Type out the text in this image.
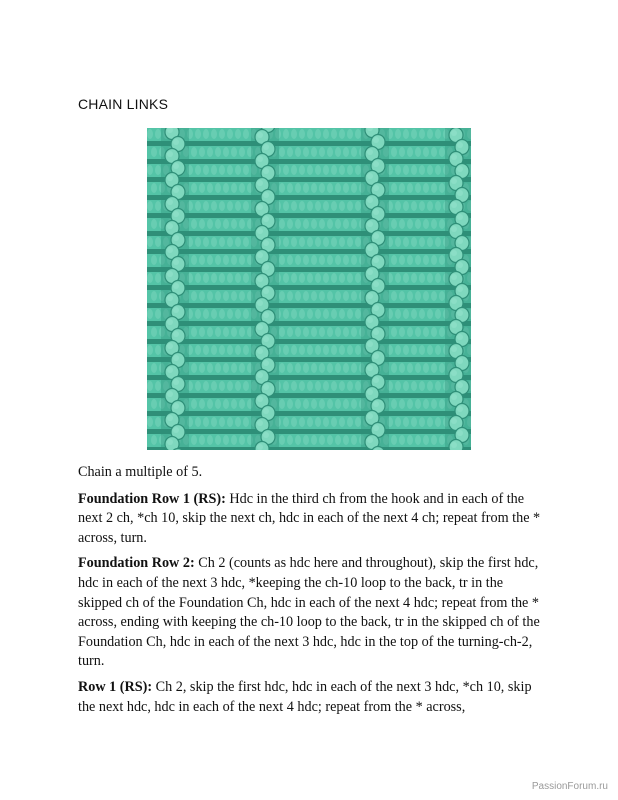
CHAIN LINKS

Chain a multiple of 5.

Foundation Row 1 (RS): Hdc in the third ch from the hook and in each of the next 2 ch, *ch 10, skip the next ch, hdc in each of the next 4 ch; repeat from the * across, turn.

Foundation Row 2: Ch 2 (counts as hdc here and throughout), skip the first hdc, hdc in each of the next 3 hdc, *keeping the ch-10 loop to the back, tr in the skipped ch of the Foundation Ch, hdc in each of the next 4 hdc; repeat from the * across, ending with keeping the ch-10 loop to the back, tr in the skipped ch of the Foundation Ch, hdc in each of the next 3 hdc, hdc in the top of the turning-ch-2, turn.

Row 1 (RS): Ch 2, skip the first hdc, hdc in each of the next 3 hdc, *ch 10, skip the next hdc, hdc in each of the next 4 hdc; repeat from the * across,

PassionForum.ru
